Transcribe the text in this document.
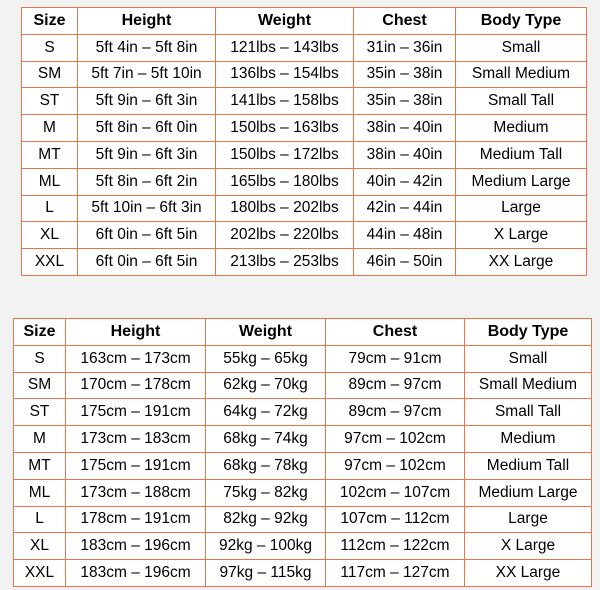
Size	Height	Weight	Chest	Body Type
S	5ft 4in – 5ft 8in	121lbs – 143lbs	31in – 36in	Small
SM	5ft 7in – 5ft 10in	136lbs – 154lbs	35in – 38in	Small Medium
ST	5ft 9in – 6ft 3in	141lbs – 158lbs	35in – 38in	Small Tall
M	5ft 8in – 6ft 0in	150lbs – 163lbs	38in – 40in	Medium
MT	5ft 9in – 6ft 3in	150lbs – 172lbs	38in – 40in	Medium Tall
ML	5ft 8in – 6ft 2in	165lbs – 180lbs	40in – 42in	Medium Large
L	5ft 10in – 6ft 3in	180lbs – 202lbs	42in – 44in	Large
XL	6ft 0in – 6ft 5in	202lbs – 220lbs	44in – 48in	X Large
XXL	6ft 0in – 6ft 5in	213lbs – 253lbs	46in – 50in	XX Large
Size	Height	Weight	Chest	Body Type
S	163cm – 173cm	55kg – 65kg	79cm – 91cm	Small
SM	170cm – 178cm	62kg – 70kg	89cm – 97cm	Small Medium
ST	175cm – 191cm	64kg – 72kg	89cm – 97cm	Small Tall
M	173cm – 183cm	68kg – 74kg	97cm – 102cm	Medium
MT	175cm – 191cm	68kg – 78kg	97cm – 102cm	Medium Tall
ML	173cm – 188cm	75kg – 82kg	102cm – 107cm	Medium Large
L	178cm – 191cm	82kg – 92kg	107cm – 112cm	Large
XL	183cm – 196cm	92kg – 100kg	112cm – 122cm	X Large
XXL	183cm – 196cm	97kg – 115kg	117cm – 127cm	XX Large
